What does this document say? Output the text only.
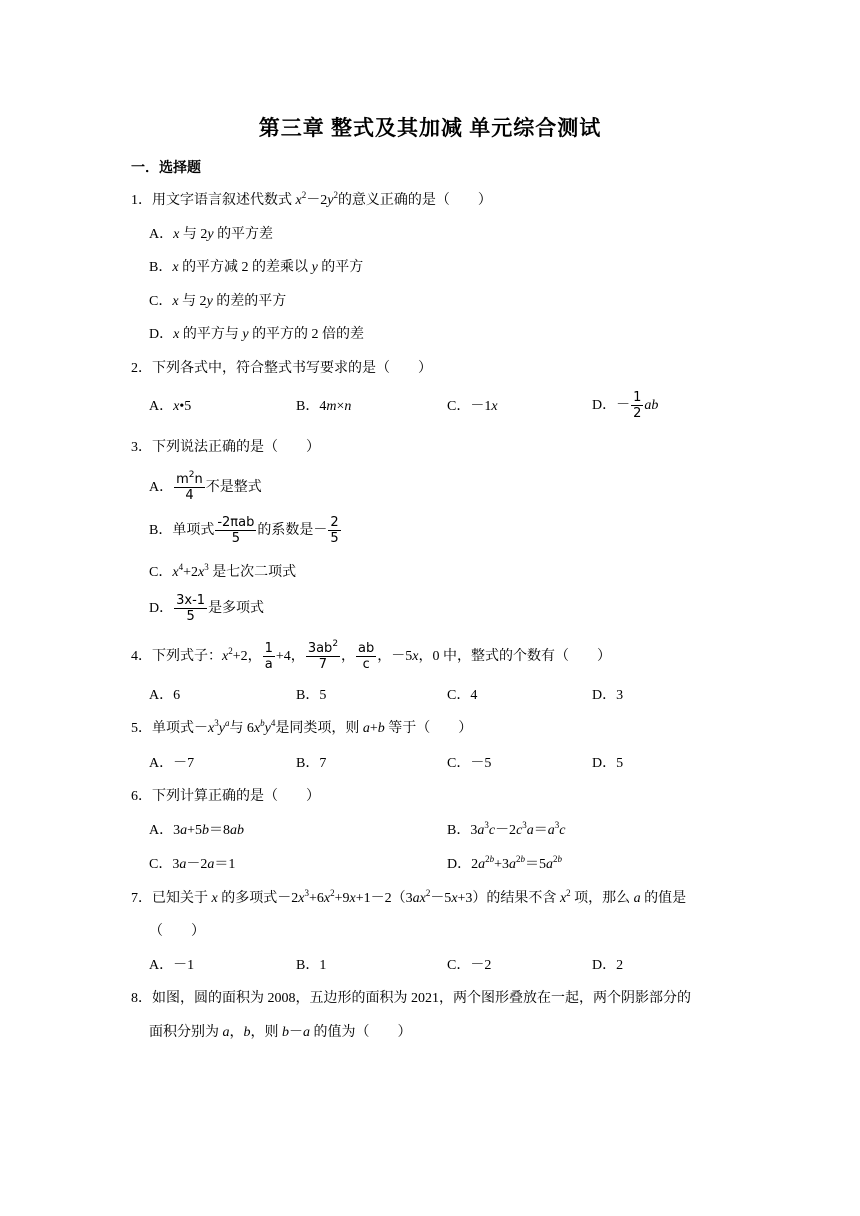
第三章 整式及其加减 单元综合测试
一．选择题
1．用文字语言叙述代数式 $x^2-2y^2$的意义正确的是（　　）
A．x 与 2y 的平方差
B．x 的平方减 2 的差乘以 y 的平方
C．x 与 2y 的差的平方
D．x 的平方与 y 的平方的 2 倍的差
2．下列各式中，符合整式书写要求的是（　　）
A．x•5	B．4m×n	C．－1x	D．－ $\frac{1}{2}$ ab
3．下列说法正确的是（　　）
A． $\frac{m^2n}{4}$ 不是整式
B．单项式 $\frac{\text{-2πab}}{5}$ 的系数是－ $\frac{2}{5}$
C．$x^4+2x^3$ 是七次二项式
D． $\frac{3x-1}{5}$ 是多项式
4．下列式子：$x^2+2$， $\frac{1}{a} +4$， $\frac{3ab^2}{7}$ ， $\frac{ab}{c}$ ，－5x，0 中，整式的个数有（　　）
A．6	B．5	C．4	D．3
5．单项式$-x^3y^a$与 $6x^by^4$是同类项，则 a+b 等于（　　）
A．－7	B．7	C．－5	D．5
6．下列计算正确的是（　　）
A．3a+5b＝8ab	B．$3a^3c-2c^3a=a^3c$
C．3a－2a＝1	D．$2a^{2b}+3a^{2b}=5a^{2b}$
7．已知关于 x 的多项式$-2x^3+6x^2+9x+1-2(3ax^2-5x+3)$的结果不含 $x^2$ 项，那么 a 的值是
（　　）
A．－1	B．1	C．－2	D．2
8．如图，圆的面积为 2008，五边形的面积为 2021，两个图形叠放在一起，两个阴影部分的
面积分别为 a，b，则 b－a 的值为（　　）
